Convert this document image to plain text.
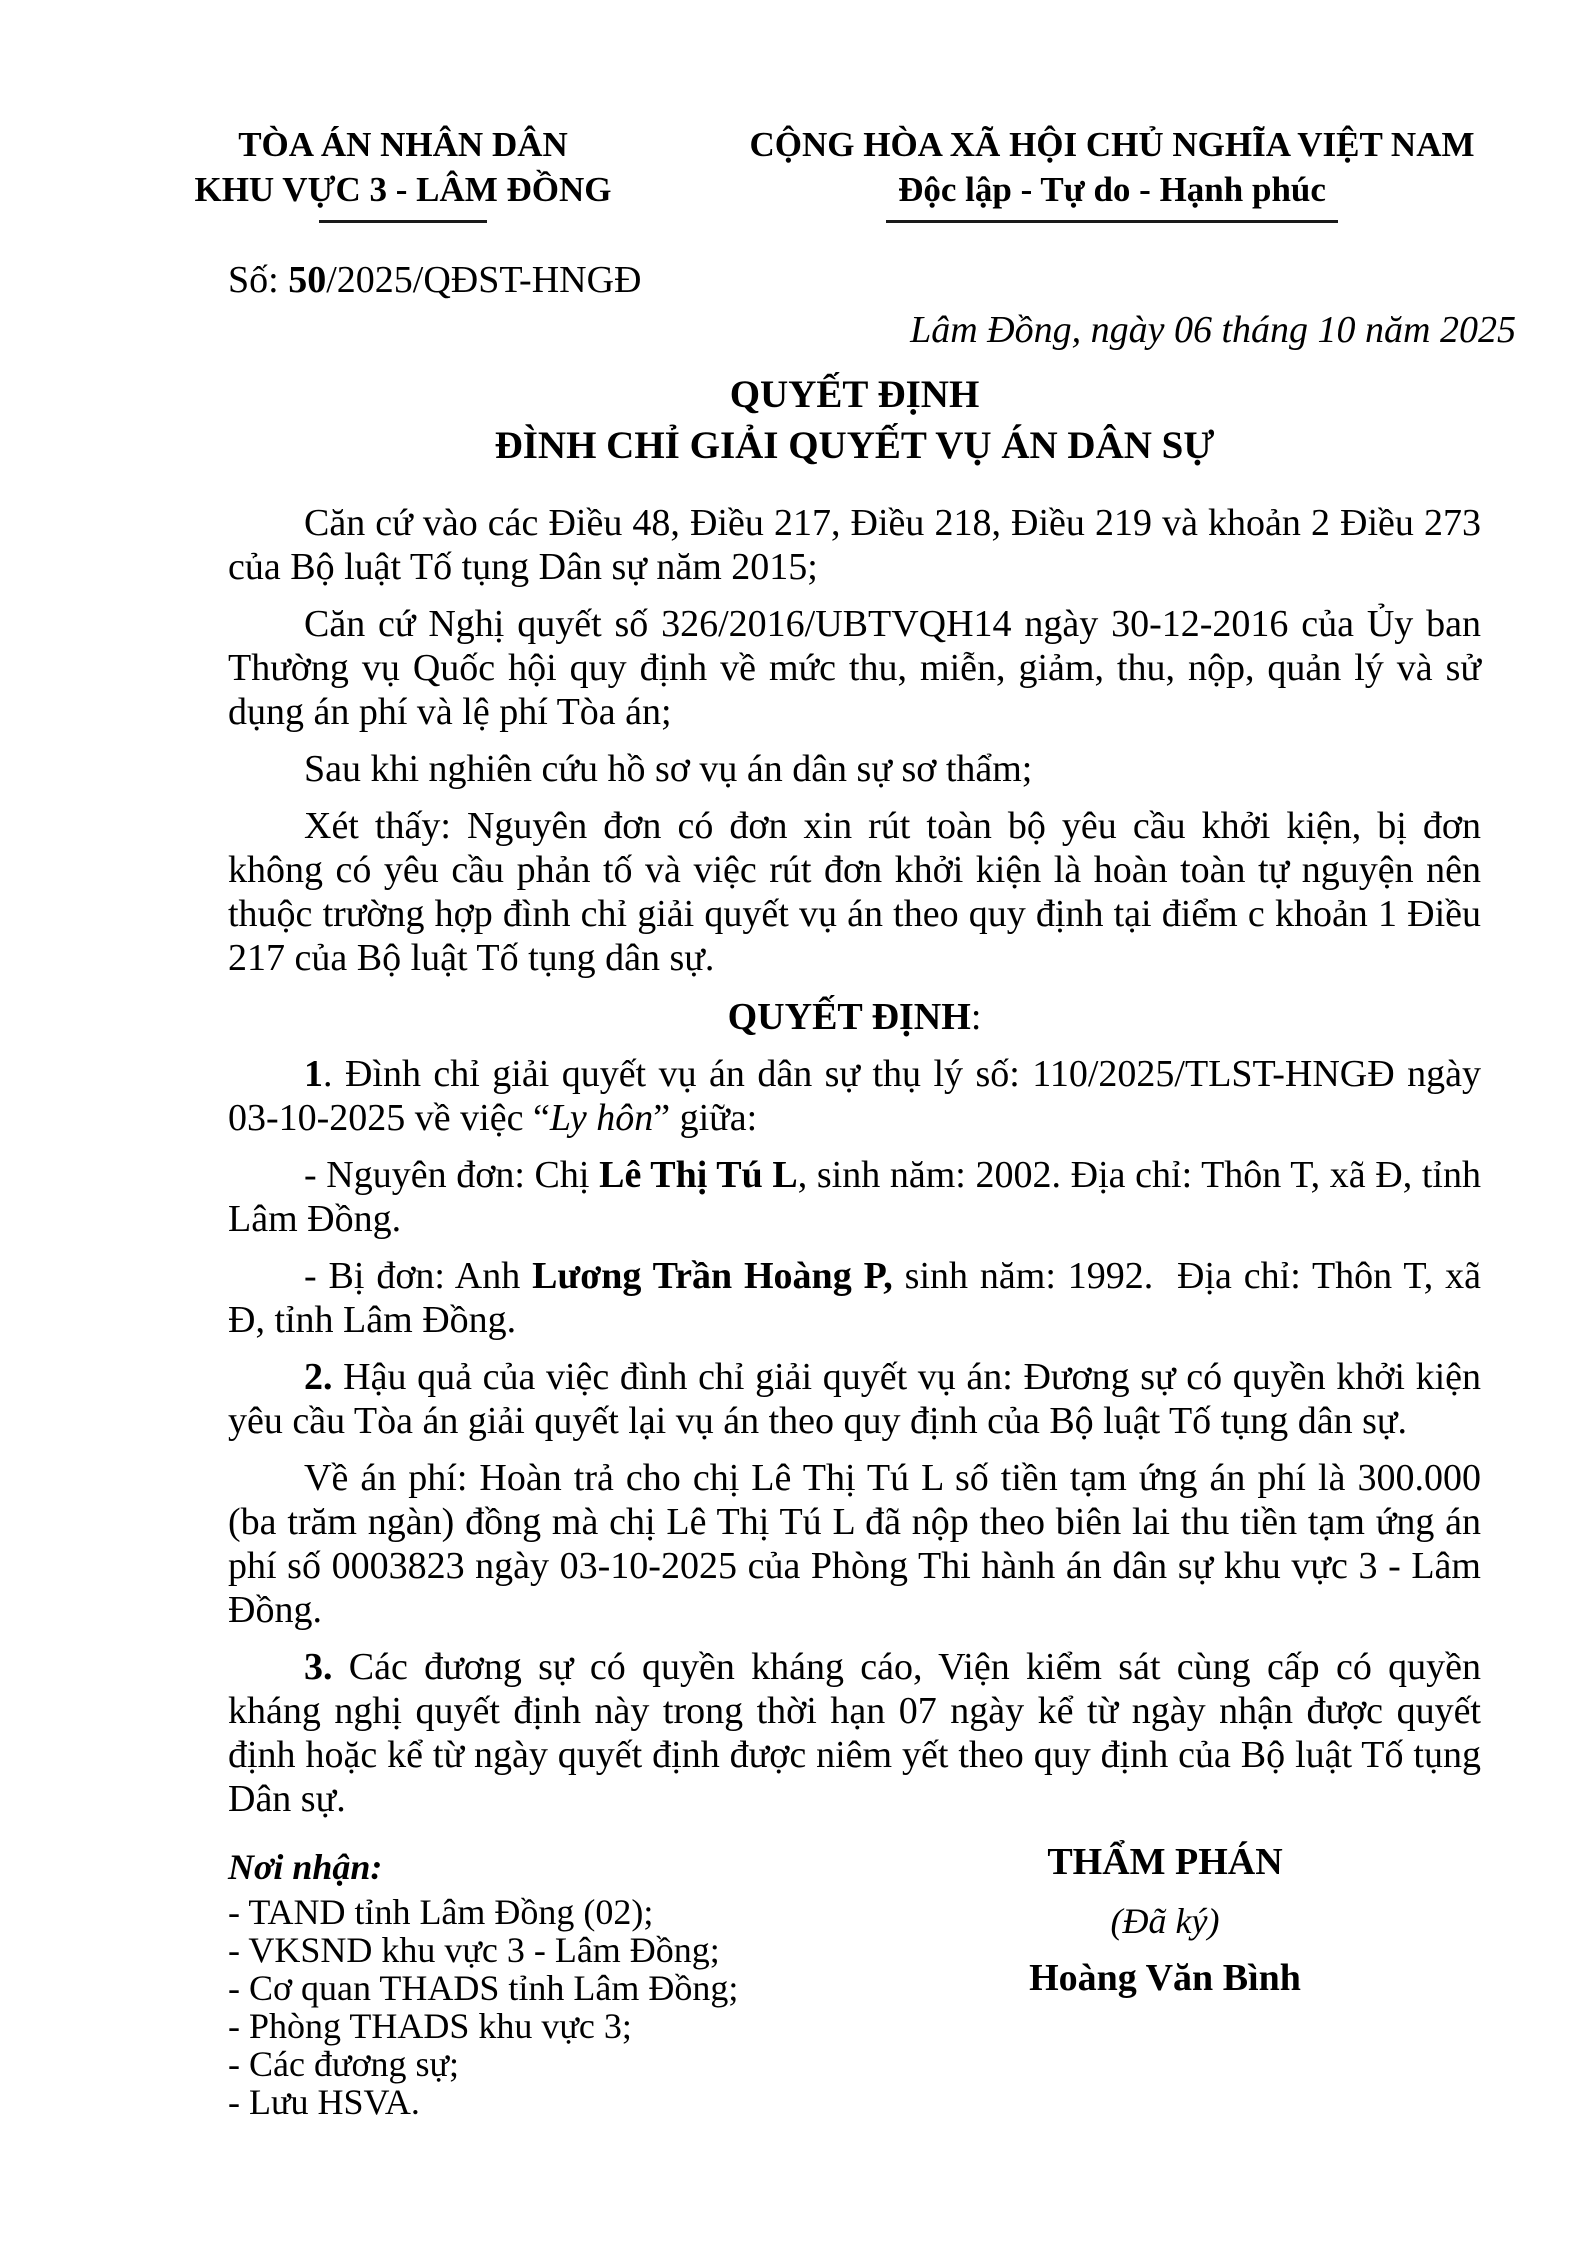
TÒA ÁN NHÂN DÂN
KHU VỰC 3 - LÂM ĐỒNG
CỘNG HÒA XÃ HỘI CHỦ NGHĨA VIỆT NAM
Độc lập - Tự do - Hạnh phúc
Số: 50/2025/QĐST-HNGĐ
Lâm Đồng, ngày 06 tháng 10 năm 2025
QUYẾT ĐỊNH
ĐÌNH CHỈ GIẢI QUYẾT VỤ ÁN DÂN SỰ

Căn cứ vào các Điều 48, Điều 217, Điều 218, Điều 219 và khoản 2 Điều 273 của Bộ luật Tố tụng Dân sự năm 2015;

Căn cứ Nghị quyết số 326/2016/UBTVQH14 ngày 30-12-2016 của Ủy ban Thường vụ Quốc hội quy định về mức thu, miễn, giảm, thu, nộp, quản lý và sử dụng án phí và lệ phí Tòa án;

Sau khi nghiên cứu hồ sơ vụ án dân sự sơ thẩm;

Xét thấy: Nguyên đơn có đơn xin rút toàn bộ yêu cầu khởi kiện, bị đơn không có yêu cầu phản tố và việc rút đơn khởi kiện là hoàn toàn tự nguyện nên thuộc trường hợp đình chỉ giải quyết vụ án theo quy định tại điểm c khoản 1 Điều 217 của Bộ luật Tố tụng dân sự.

QUYẾT ĐỊNH:

1. Đình chỉ giải quyết vụ án dân sự thụ lý số: 110/2025/TLST-HNGĐ ngày 03-10-2025 về việc “Ly hôn” giữa:

- Nguyên đơn: Chị Lê Thị Tú L, sinh năm: 2002. Địa chỉ: Thôn T, xã Đ, tỉnh Lâm Đồng.

- Bị đơn: Anh Lương Trần Hoàng P, sinh năm: 1992.  Địa chỉ: Thôn T, xã Đ, tỉnh Lâm Đồng.

2. Hậu quả của việc đình chỉ giải quyết vụ án: Đương sự có quyền khởi kiện yêu cầu Tòa án giải quyết lại vụ án theo quy định của Bộ luật Tố tụng dân sự.

Về án phí: Hoàn trả cho chị Lê Thị Tú L số tiền tạm ứng án phí là 300.000 (ba trăm ngàn) đồng mà chị Lê Thị Tú L đã nộp theo biên lai thu tiền tạm ứng án phí số 0003823 ngày 03-10-2025 của Phòng Thi hành án dân sự khu vực 3 - Lâm Đồng.

3. Các đương sự có quyền kháng cáo, Viện kiểm sát cùng cấp có quyền kháng nghị quyết định này trong thời hạn 07 ngày kể từ ngày nhận được quyết định hoặc kể từ ngày quyết định được niêm yết theo quy định của Bộ luật Tố tụng Dân sự.

Nơi nhận:
- TAND tỉnh Lâm Đồng (02);
- VKSND khu vực 3 - Lâm Đồng;
- Cơ quan THADS tỉnh Lâm Đồng;
- Phòng THADS khu vực 3;
- Các đương sự;
- Lưu HSVA.
THẨM PHÁN
(Đã ký)
Hoàng Văn Bình
